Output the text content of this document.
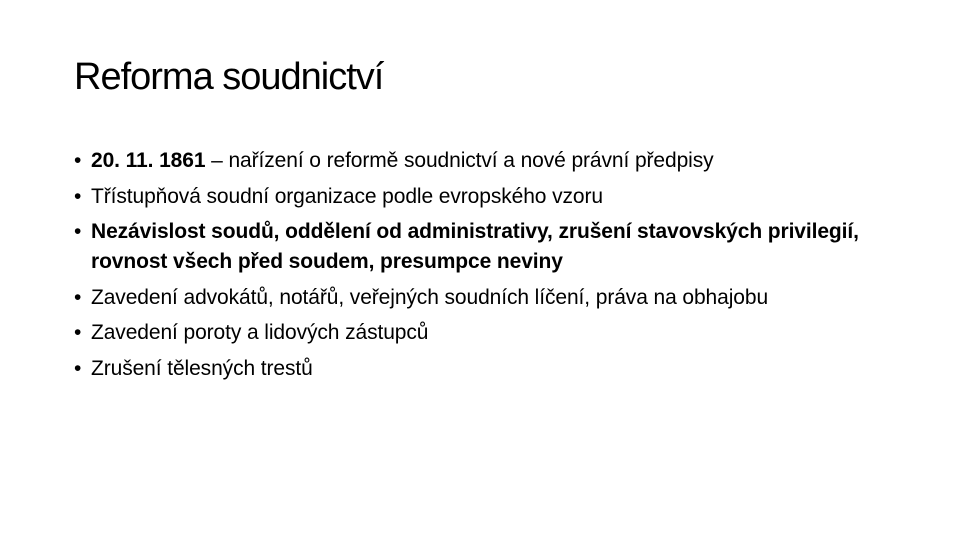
Reforma soudnictví
• 20. 11. 1861 – nařízení o reformě soudnictví a nové právní předpisy
• Třístupňová soudní organizace podle evropského vzoru
• Nezávislost soudů, oddělení od administrativy, zrušení stavovských privilegií, rovnost všech před soudem, presumpce neviny
• Zavedení advokátů, notářů, veřejných soudních líčení, práva na obhajobu
• Zavedení poroty a lidových zástupců
• Zrušení tělesných trestů
